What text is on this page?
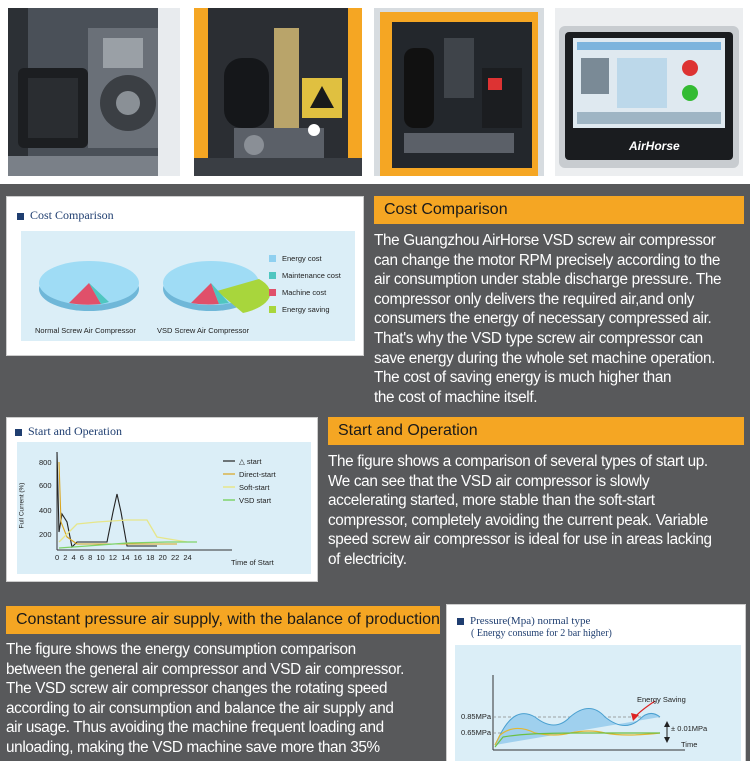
AirHorse
Cost Comparison
Normal Screw Air Compressor	VSD Screw Air Compressor
Energy cost
Maintenance cost
Machine cost
Energy saving
Cost Comparison
The Guangzhou AirHorse VSD screw air compressor
can change the motor RPM precisely according to the
air consumption under stable discharge pressure. The
compressor only delivers the required air,and only
consumers the energy of necessary compressed air.
That's why the VSD type screw air compressor can
save energy during the whole set machine operation.
The cost of saving energy is much higher than
the cost of machine itself.
Start and Operation
800
600
400
200
Full Current (%)
0 2 4 6 8 10 12 14 16 18 20 22 24
Time of Start
△ start
Direct-start
Soft-start
VSD start
Start and Operation
The figure shows a comparison of several types of start up.
We can see that the VSD air compressor is slowly
accelerating started, more stable than the soft-start
compressor, completely avoiding the current peak. Variable
speed screw air compressor is ideal for use in areas lacking
of electricity.
Constant pressure air supply, with the balance of production
The figure shows the energy consumption comparison
between the general air compressor and VSD air compressor.
The VSD screw air compressor changes the rotating speed
according to air consumption and balance the air supply and
air usage. Thus avoiding the machine frequent loading and
unloading, making the VSD machine save more than 35%
Pressure(Mpa) normal type
( Energy consume for 2 bar higher)
0.85MPa
0.65MPa
Energy Saving
± 0.01MPa
Time
